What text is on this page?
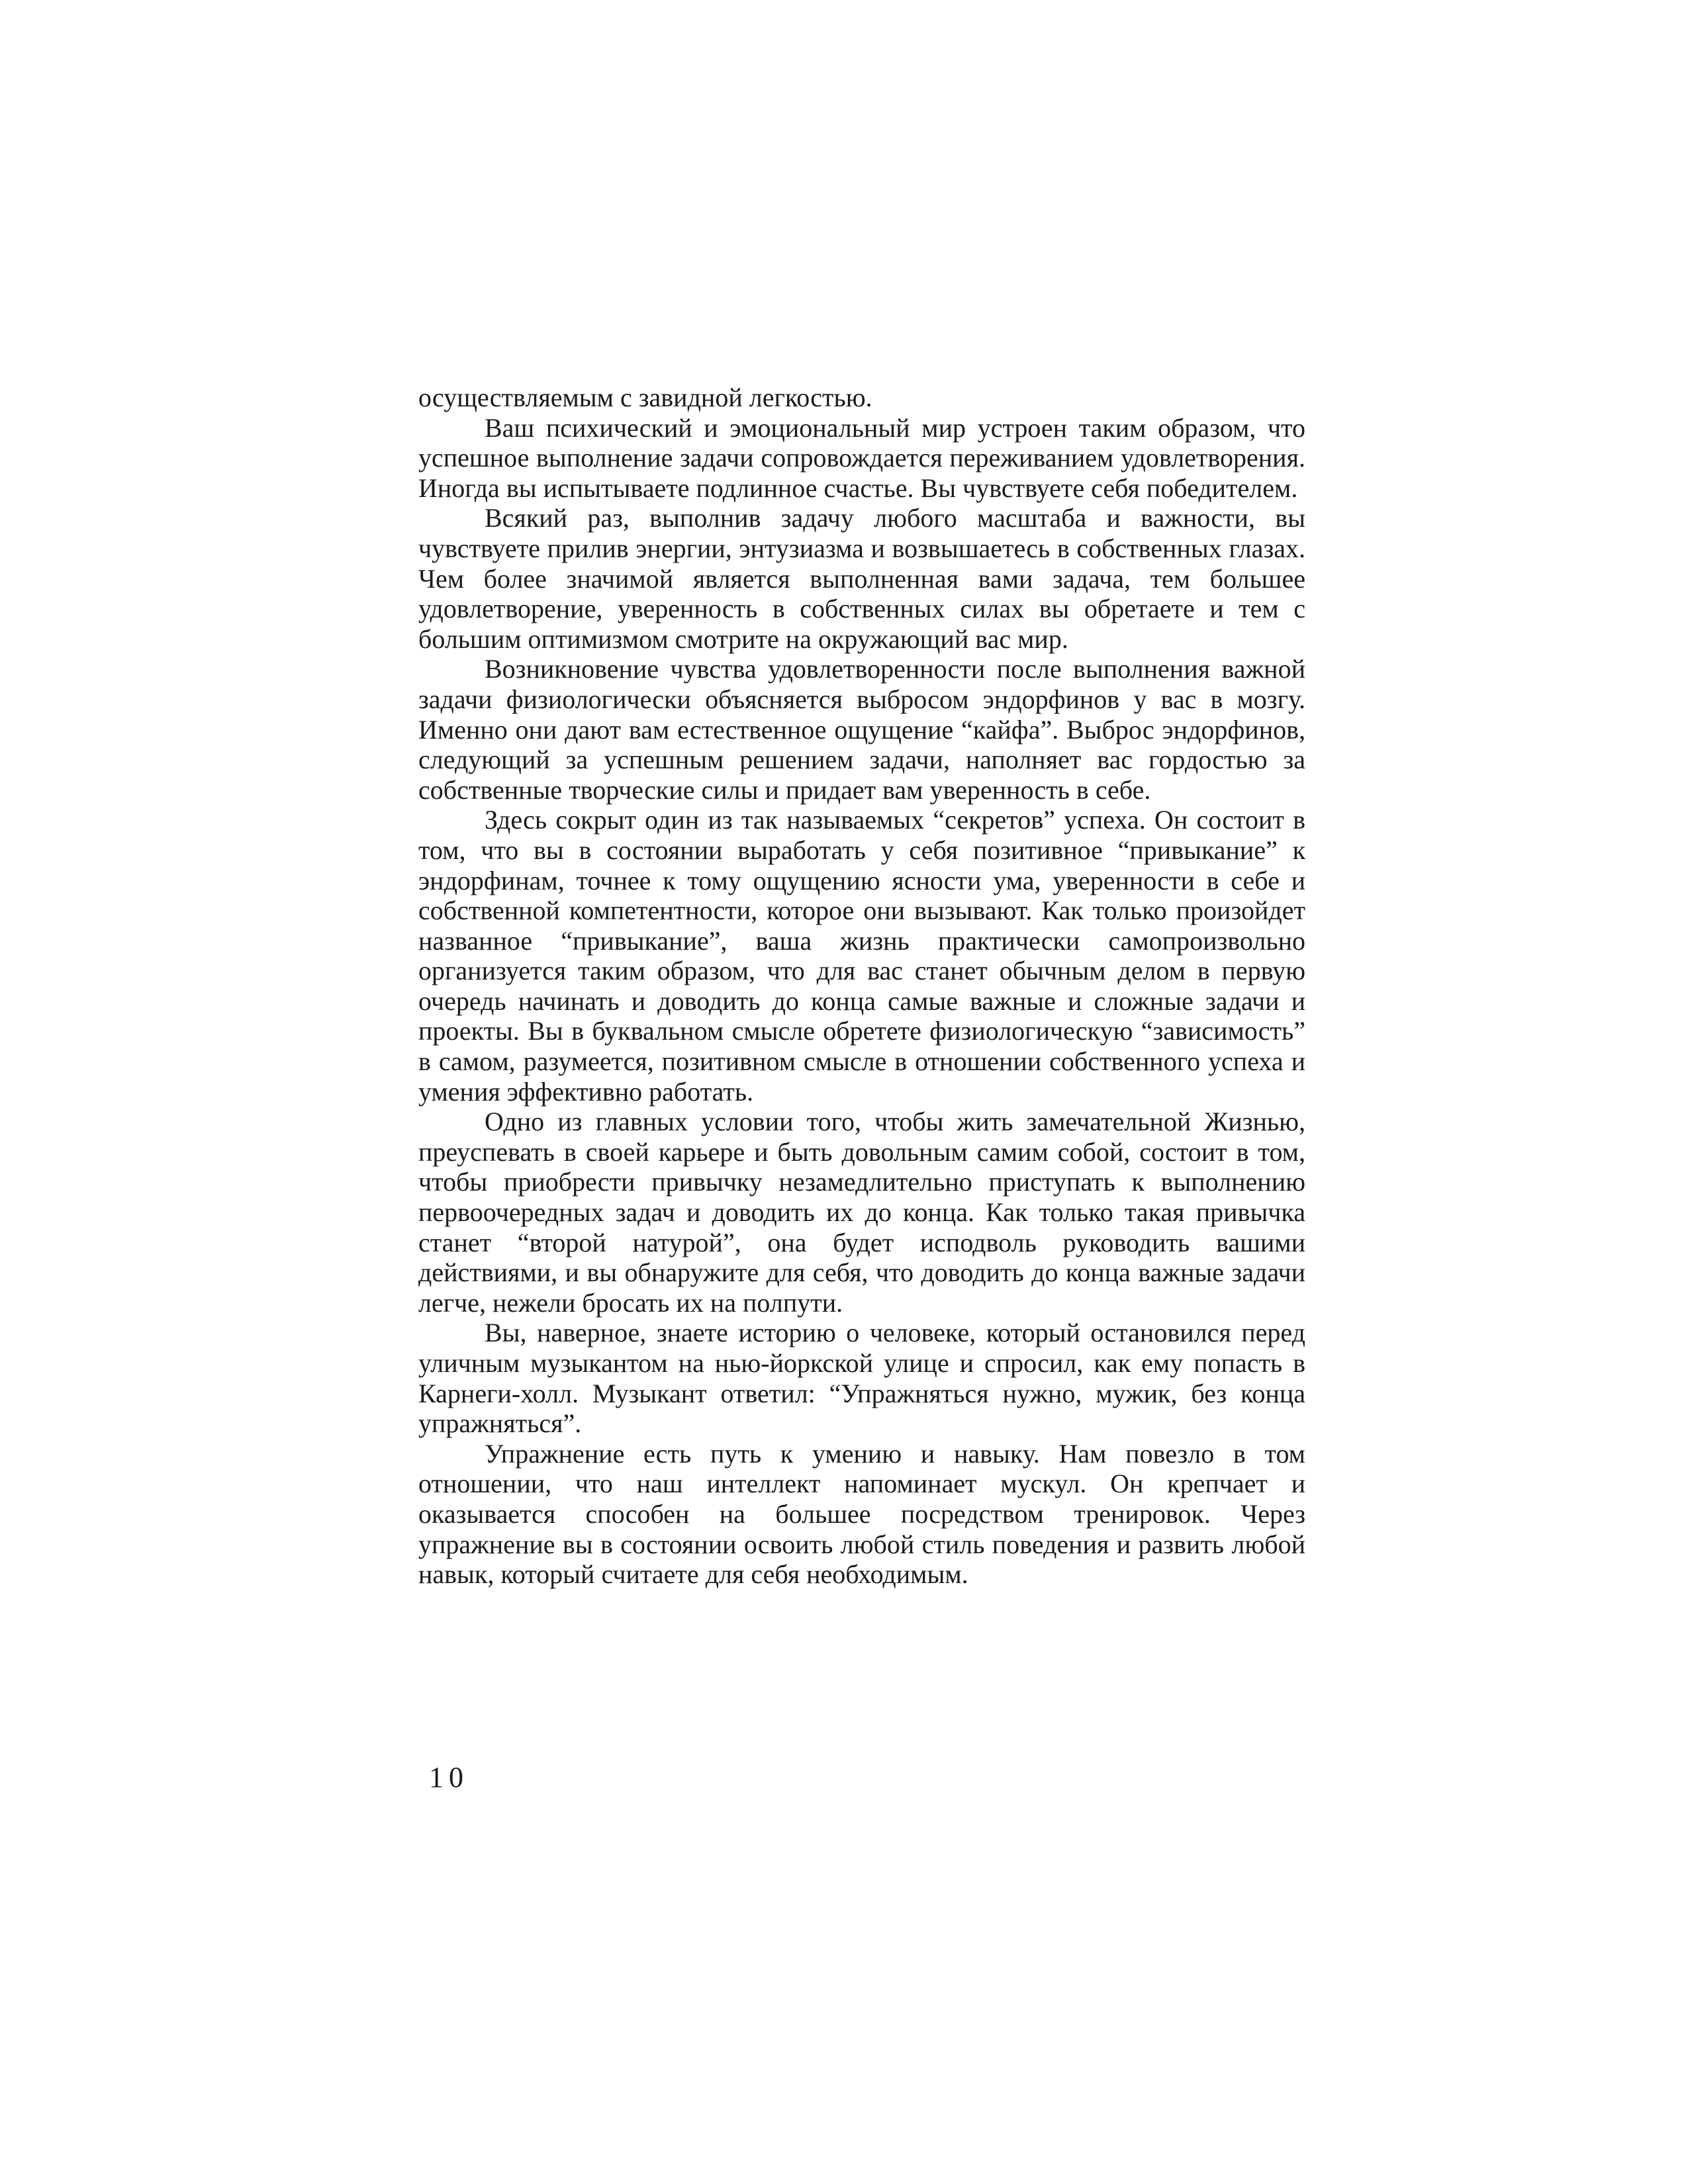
осуществляемым с завидной легкостью.

Ваш психический и эмоциональный мир устроен таким образом, что успешное выполнение задачи сопровождается переживанием удовлетворения. Иногда вы испытываете подлинное счастье. Вы чувствуете себя победителем.

Всякий раз, выполнив задачу любого масштаба и важности, вы чувствуете прилив энергии, энтузиазма и возвышаетесь в собственных глазах. Чем более значимой является выполненная вами задача, тем большее удовлетворение, уверенность в собственных силах вы обретаете и тем с большим оптимизмом смотрите на окружающий вас мир.

Возникновение чувства удовлетворенности после выполнения важной задачи физиологически объясняется выбросом эндорфинов у вас в мозгу. Именно они дают вам естественное ощущение “кайфа”. Выброс эндорфинов, следующий за успешным решением задачи, наполняет вас гордостью за собственные творческие силы и придает вам уверенность в себе.

Здесь сокрыт один из так называемых “секретов” успеха. Он состоит в том, что вы в состоянии выработать у себя позитивное “привыкание” к эндорфинам, точнее к тому ощущению ясности ума, уверенности в себе и собственной компетентности, которое они вызывают. Как только произойдет названное “привыкание”, ваша жизнь практически самопроизвольно организуется таким образом, что для вас станет обычным делом в первую очередь начинать и доводить до конца самые важные и сложные задачи и проекты. Вы в буквальном смысле обретете физиологическую “зависимость” в самом, разумеется, позитивном смысле в отношении собственного успеха и умения эффективно работать.

Одно из главных условии того, чтобы жить замечательной Жизнью, преуспевать в своей карьере и быть довольным самим собой, состоит в том, чтобы приобрести привычку незамедлительно приступать к выполнению первоочередных задач и доводить их до конца. Как только такая привычка станет “второй натурой”, она будет исподволь руководить вашими действиями, и вы обнаружите для себя, что доводить до конца важные задачи легче, нежели бросать их на полпути.

Вы, наверное, знаете историю о человеке, который остановился перед уличным музыкантом на нью-йоркской улице и спросил, как ему попасть в Карнеги-холл. Музыкант ответил: “Упражняться нужно, мужик, без конца упражняться”.

Упражнение есть путь к умению и навыку. Нам повезло в том отношении, что наш интеллект напоминает мускул. Он крепчает и оказывается способен на большее посредством тренировок. Через упражнение вы в состоянии освоить любой стиль поведения и развить любой навык, который считаете для себя необходимым.

10
